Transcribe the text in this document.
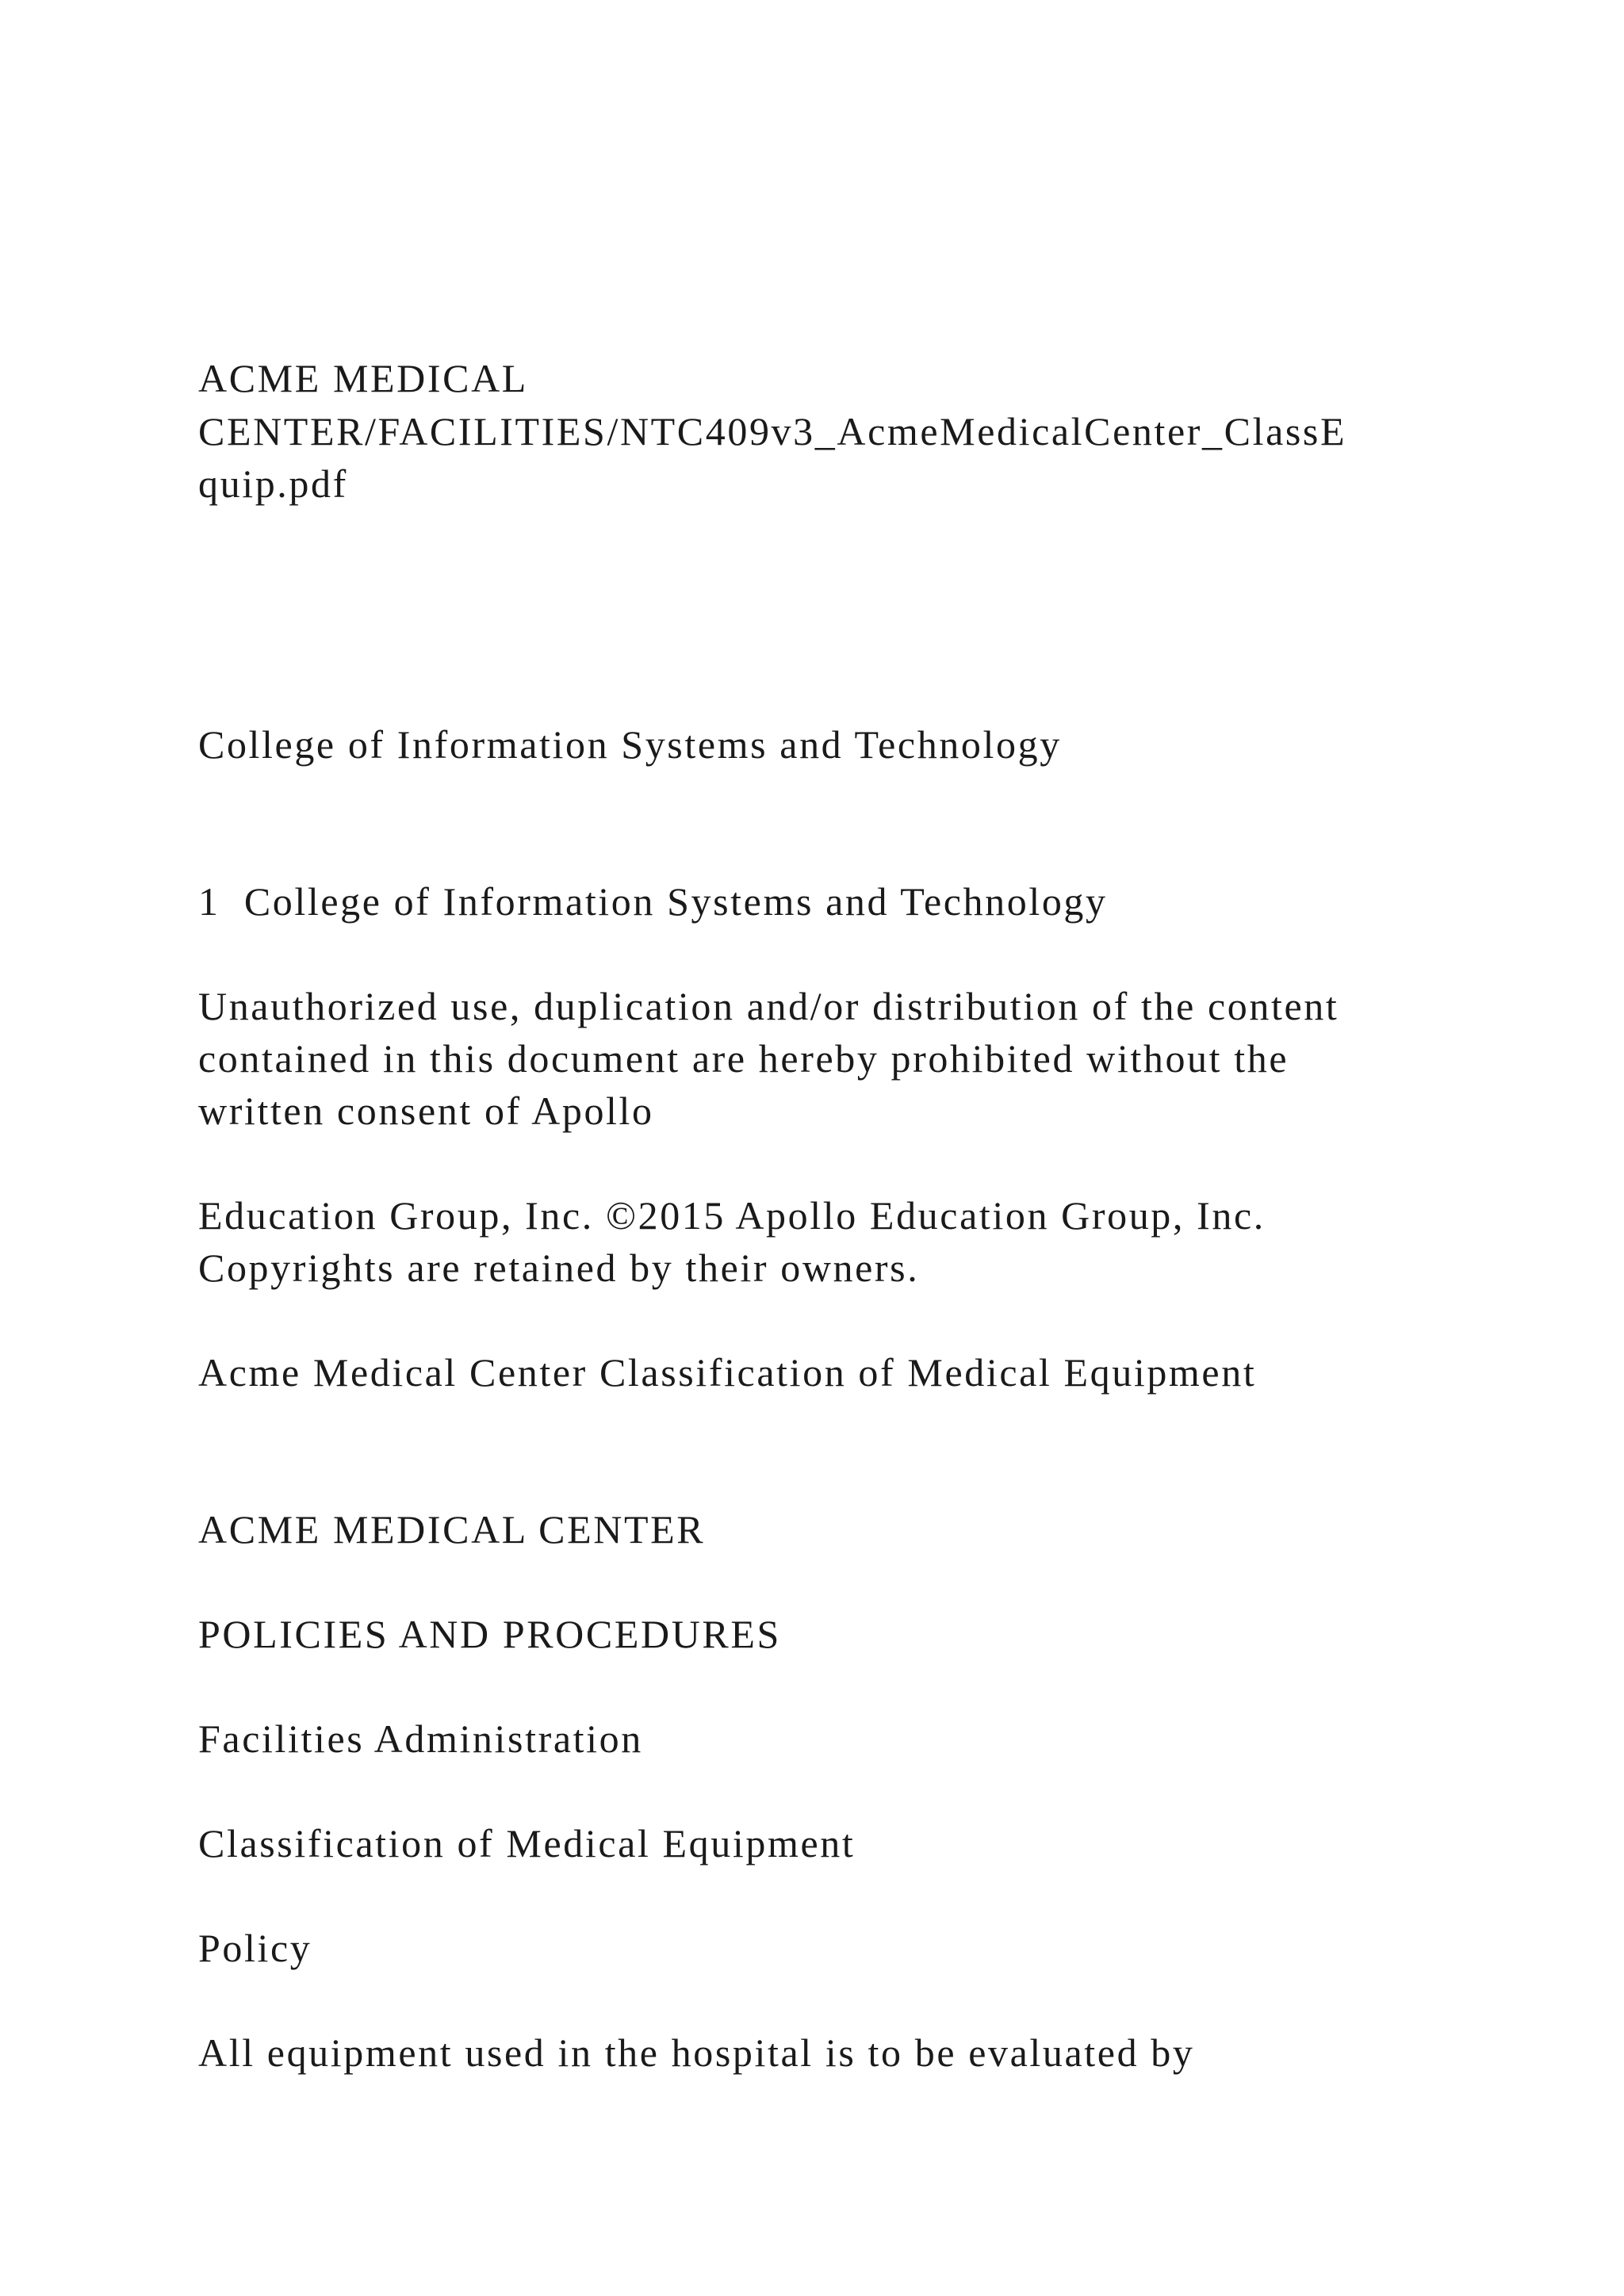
ACME MEDICAL

CENTER/FACILITIES/NTC409v3_AcmeMedicalCenter_ClassE

quip.pdf

College of Information Systems and Technology

1 College of Information Systems and Technology

Unauthorized use, duplication and/or distribution of the content

contained in this document are hereby prohibited without the

written consent of Apollo

Education Group, Inc. ©2015 Apollo Education Group, Inc.

Copyrights are retained by their owners.

Acme Medical Center Classification of Medical Equipment

ACME MEDICAL CENTER

POLICIES AND PROCEDURES

Facilities Administration

Classification of Medical Equipment

Policy

All equipment used in the hospital is to be evaluated by
